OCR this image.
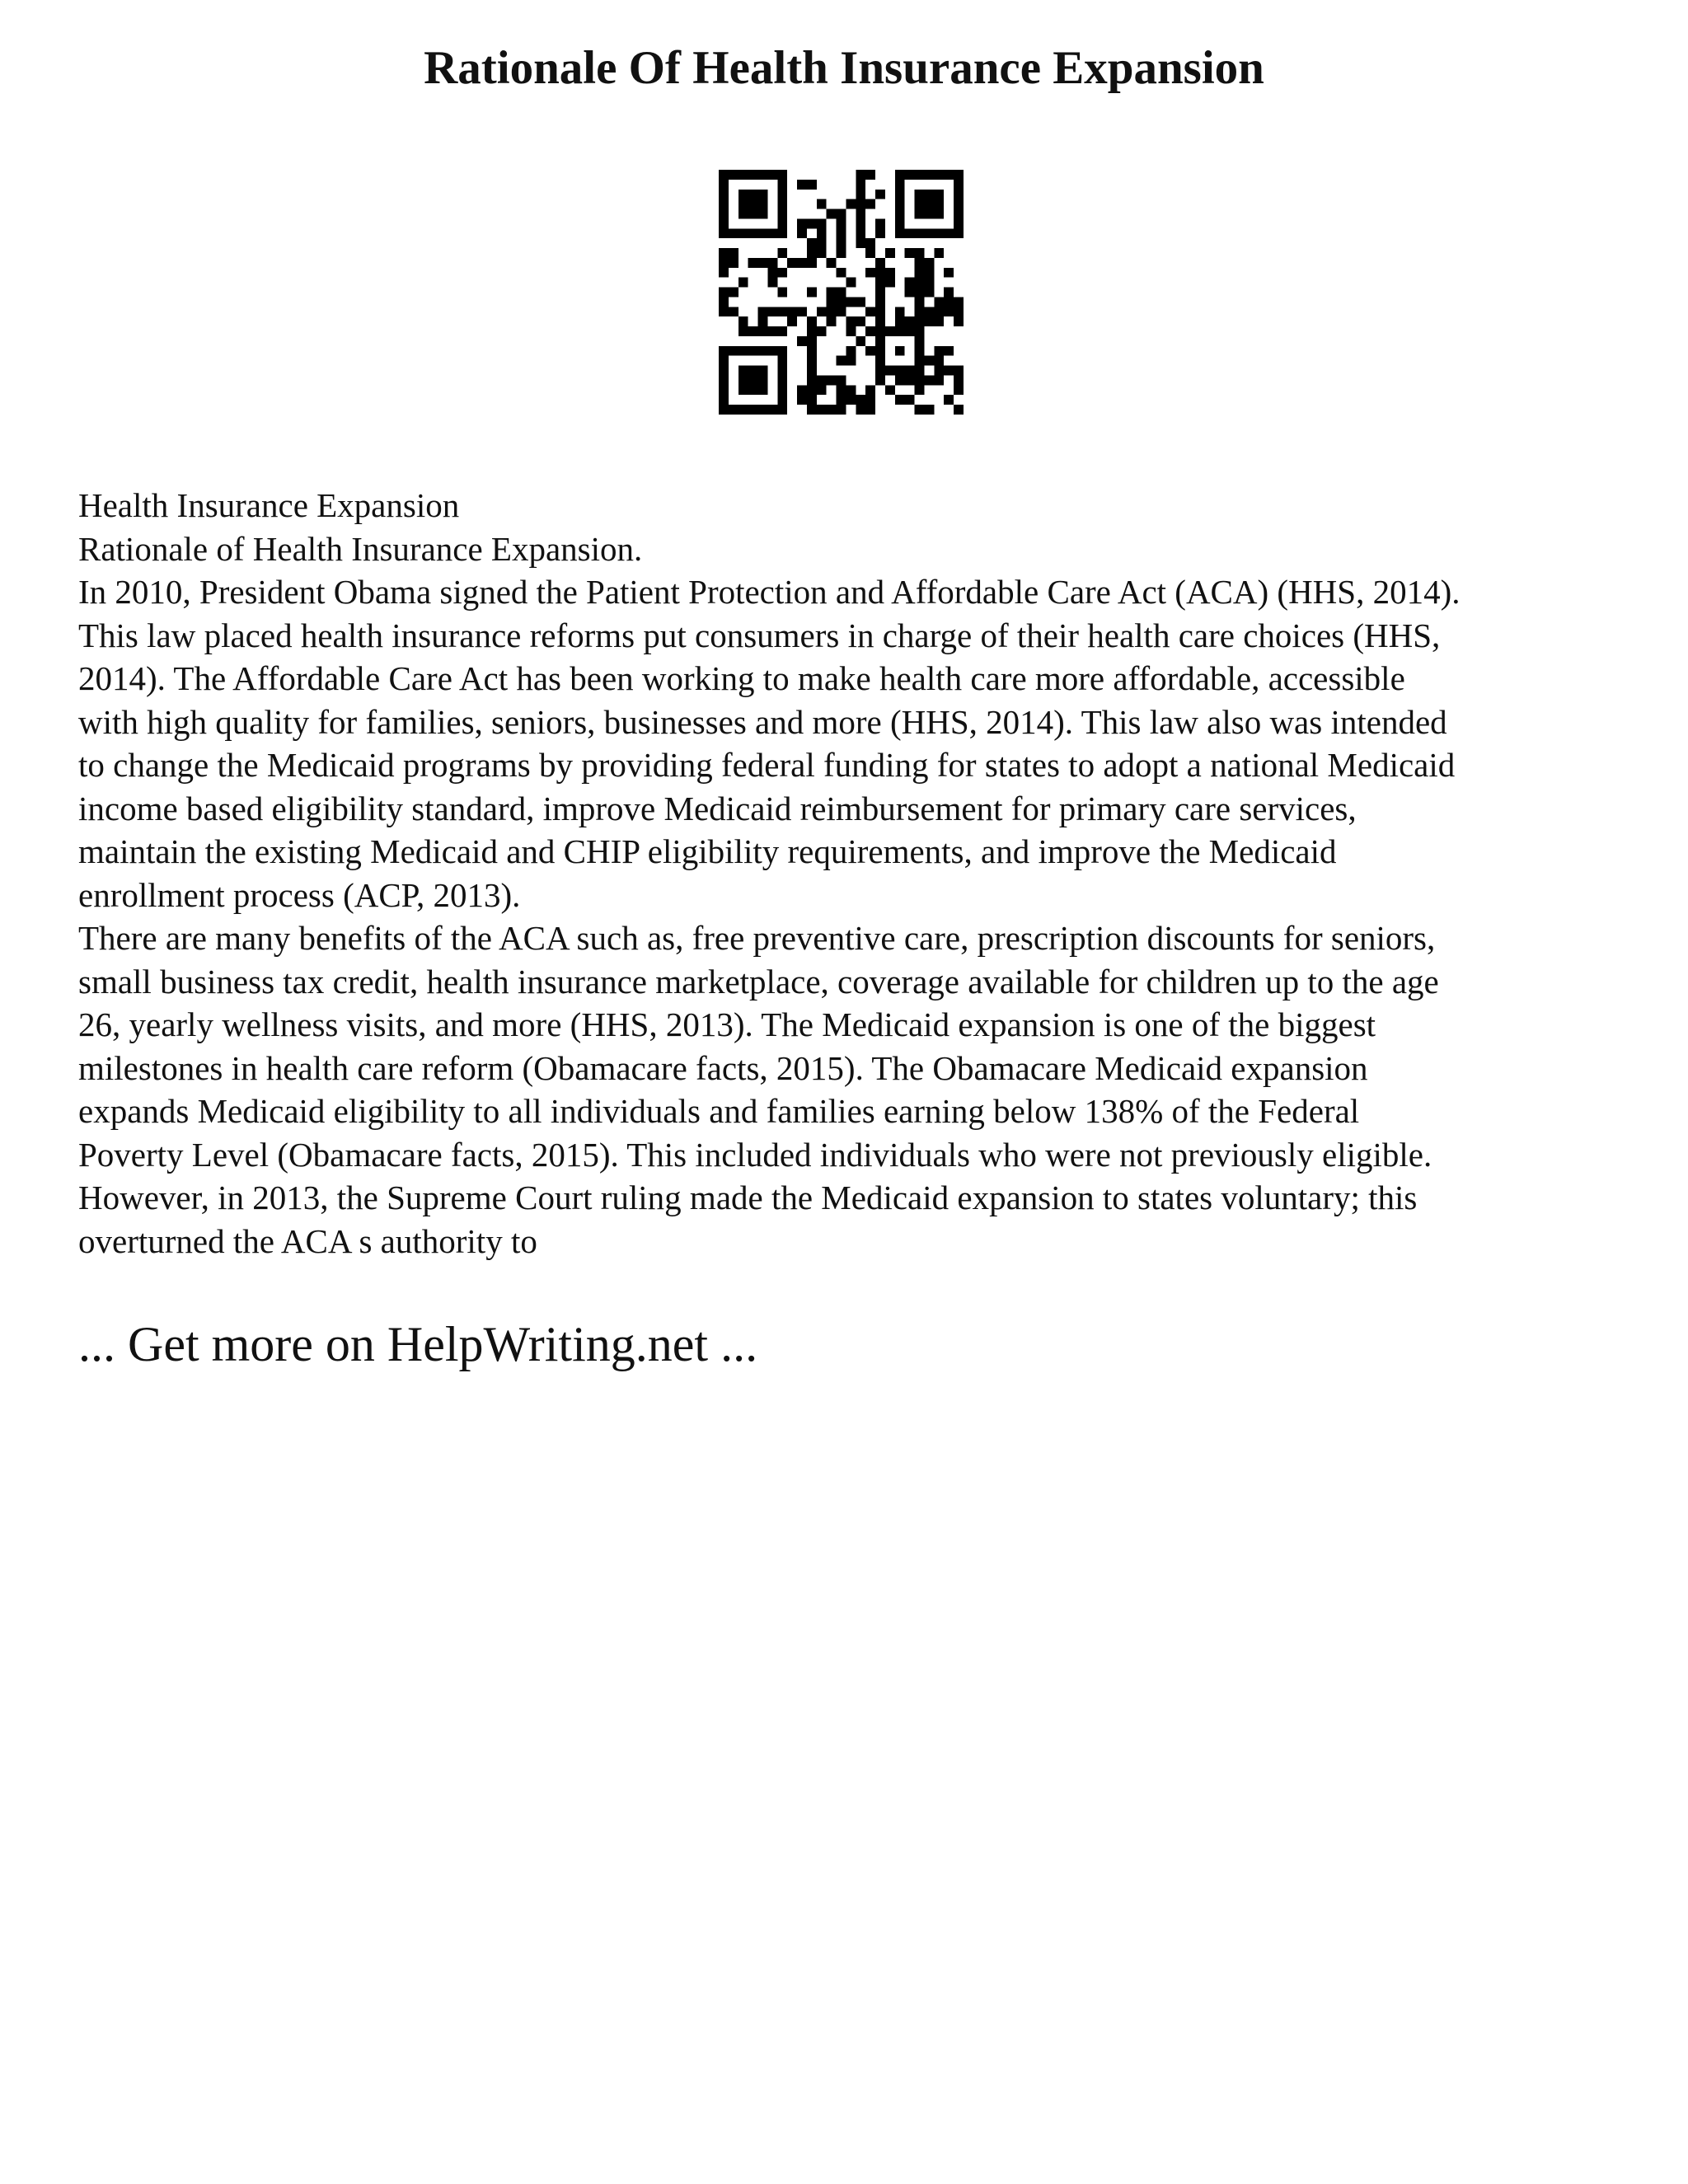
Rationale Of Health Insurance Expansion
Health Insurance Expansion
Rationale of Health Insurance Expansion.
In 2010, President Obama signed the Patient Protection and Affordable Care Act (ACA) (HHS, 2014).
This law placed health insurance reforms put consumers in charge of their health care choices (HHS,
2014). The Affordable Care Act has been working to make health care more affordable, accessible
with high quality for families, seniors, businesses and more (HHS, 2014). This law also was intended
to change the Medicaid programs by providing federal funding for states to adopt a national Medicaid
income based eligibility standard, improve Medicaid reimbursement for primary care services,
maintain the existing Medicaid and CHIP eligibility requirements, and improve the Medicaid
enrollment process (ACP, 2013).
There are many benefits of the ACA such as, free preventive care, prescription discounts for seniors,
small business tax credit, health insurance marketplace, coverage available for children up to the age
26, yearly wellness visits, and more (HHS, 2013). The Medicaid expansion is one of the biggest
milestones in health care reform (Obamacare facts, 2015). The Obamacare Medicaid expansion
expands Medicaid eligibility to all individuals and families earning below 138% of the Federal
Poverty Level (Obamacare facts, 2015). This included individuals who were not previously eligible.
However, in 2013, the Supreme Court ruling made the Medicaid expansion to states voluntary; this
overturned the ACA s authority to

... Get more on HelpWriting.net ...
